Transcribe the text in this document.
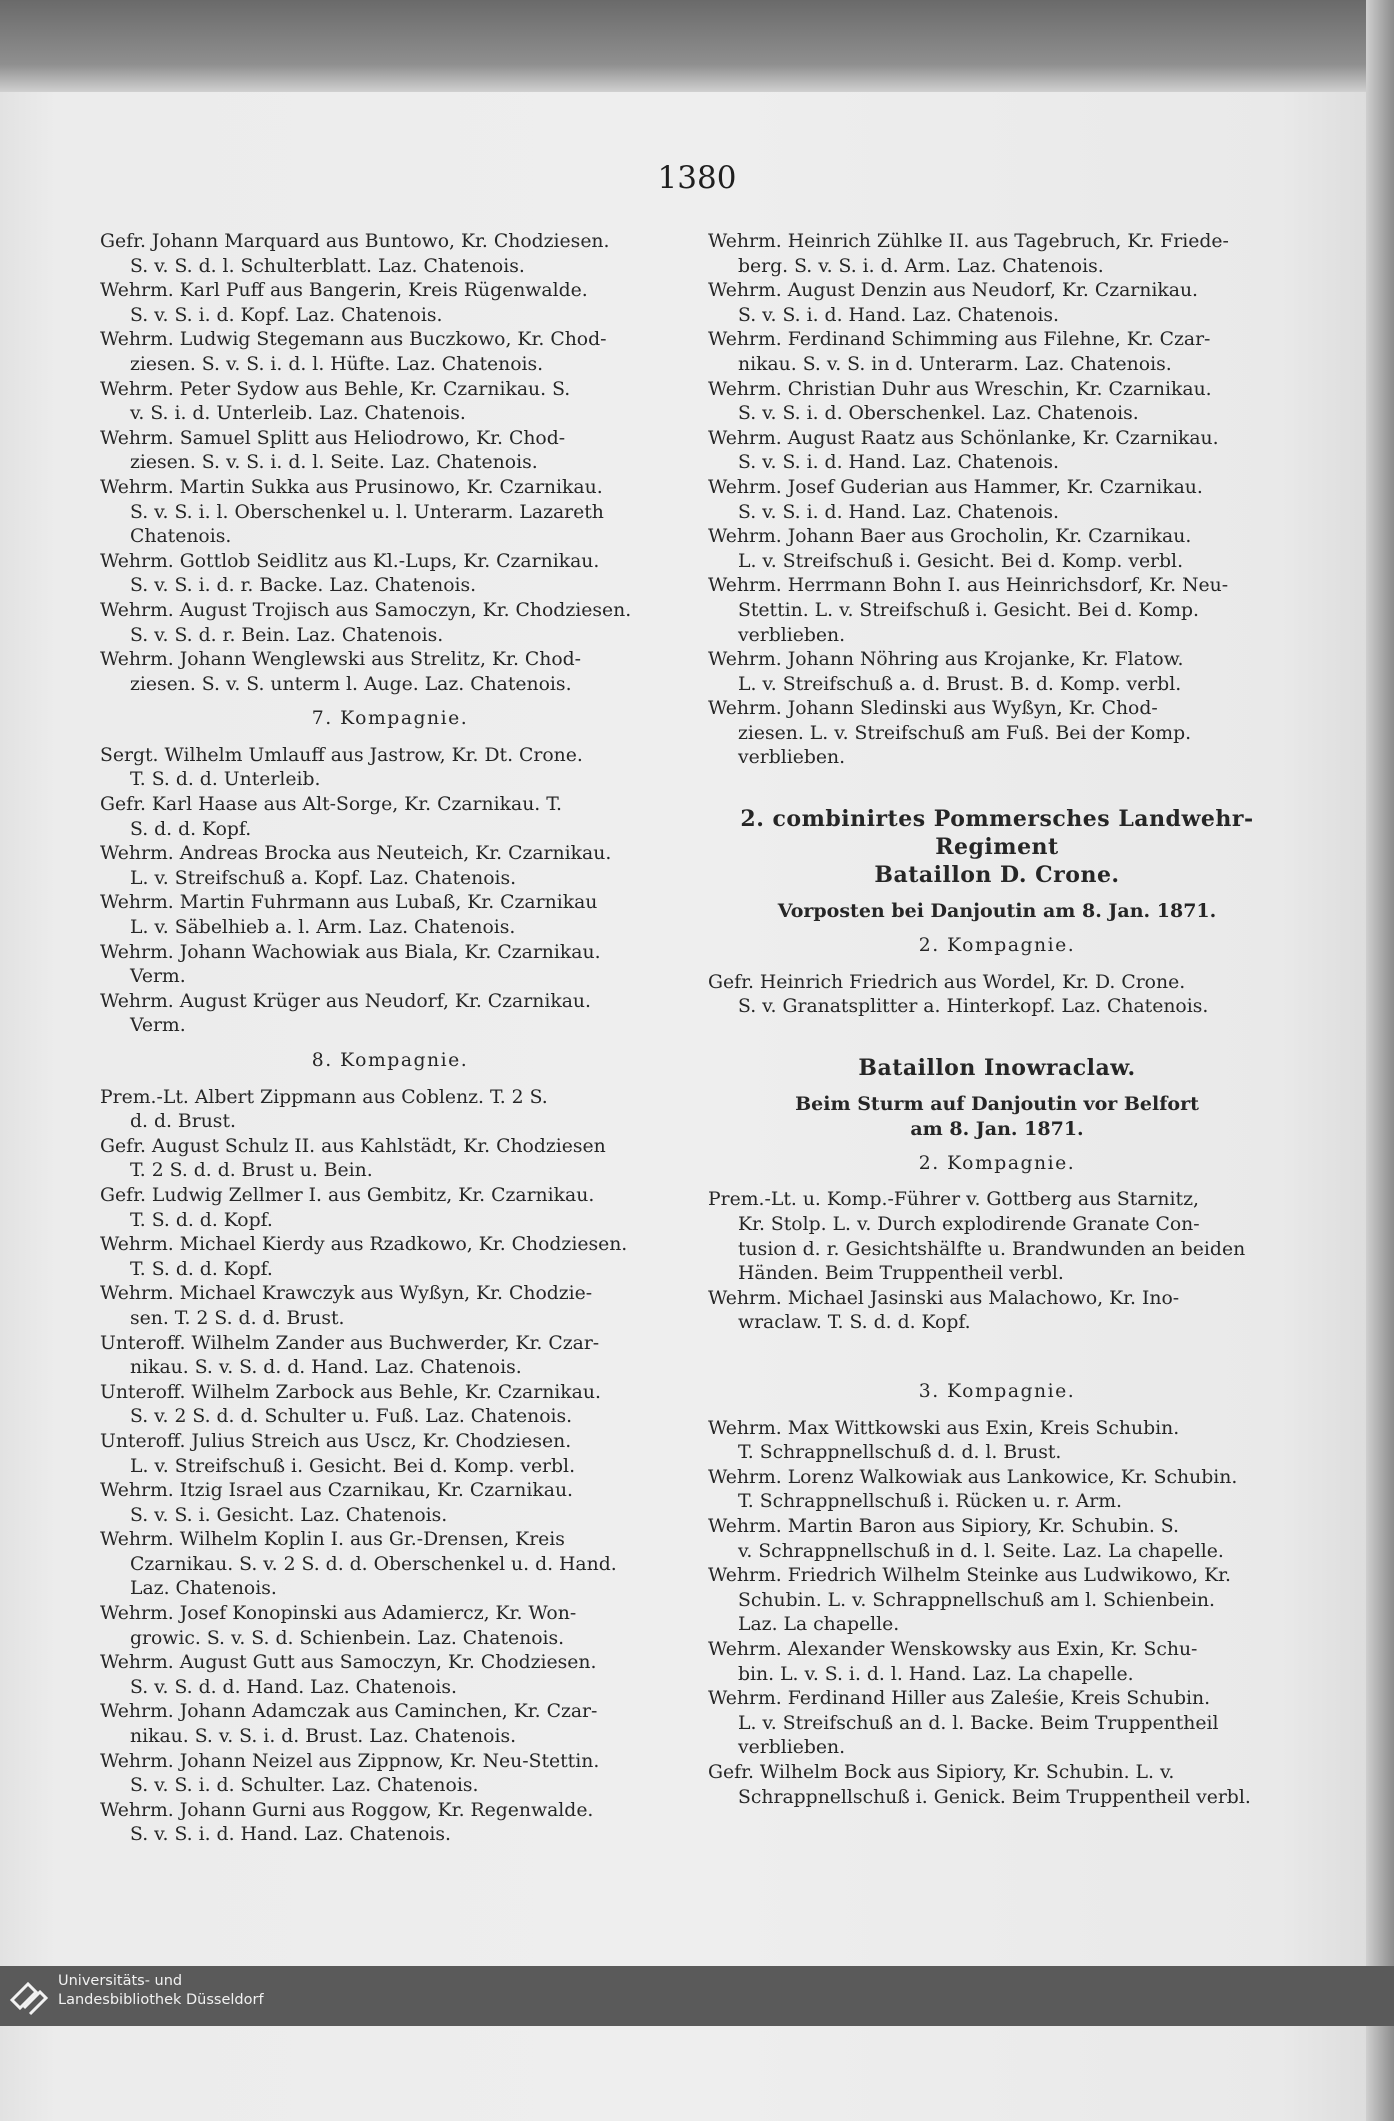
1380
Gefr. Johann Marquard aus Buntowo, Kr. Chodziesen.
S. v. S. d. l. Schulterblatt. Laz. Chatenois.
Wehrm. Karl Puff aus Bangerin, Kreis Rügenwalde.
S. v. S. i. d. Kopf. Laz. Chatenois.
Wehrm. Ludwig Stegemann aus Buczkowo, Kr. Chod-
ziesen. S. v. S. i. d. l. Hüfte. Laz. Chatenois.
Wehrm. Peter Sydow aus Behle, Kr. Czarnikau. S.
v. S. i. d. Unterleib. Laz. Chatenois.
Wehrm. Samuel Splitt aus Heliodrowo, Kr. Chod-
ziesen. S. v. S. i. d. l. Seite. Laz. Chatenois.
Wehrm. Martin Sukka aus Prusinowo, Kr. Czarnikau.
S. v. S. i. l. Oberschenkel u. l. Unterarm. Lazareth
Chatenois.
Wehrm. Gottlob Seidlitz aus Kl.-Lups, Kr. Czarnikau.
S. v. S. i. d. r. Backe. Laz. Chatenois.
Wehrm. August Trojisch aus Samoczyn, Kr. Chodziesen.
S. v. S. d. r. Bein. Laz. Chatenois.
Wehrm. Johann Wenglewski aus Strelitz, Kr. Chod-
ziesen. S. v. S. unterm l. Auge. Laz. Chatenois.
7. Kompagnie.
Sergt. Wilhelm Umlauff aus Jastrow, Kr. Dt. Crone.
T. S. d. d. Unterleib.
Gefr. Karl Haase aus Alt-Sorge, Kr. Czarnikau. T.
S. d. d. Kopf.
Wehrm. Andreas Brocka aus Neuteich, Kr. Czarnikau.
L. v. Streifschuß a. Kopf. Laz. Chatenois.
Wehrm. Martin Fuhrmann aus Lubaß, Kr. Czarnikau
L. v. Säbelhieb a. l. Arm. Laz. Chatenois.
Wehrm. Johann Wachowiak aus Biala, Kr. Czarnikau.
Verm.
Wehrm. August Krüger aus Neudorf, Kr. Czarnikau.
Verm.
8. Kompagnie.
Prem.-Lt. Albert Zippmann aus Coblenz. T. 2 S.
d. d. Brust.
Gefr. August Schulz II. aus Kahlstädt, Kr. Chodziesen
T. 2 S. d. d. Brust u. Bein.
Gefr. Ludwig Zellmer I. aus Gembitz, Kr. Czarnikau.
T. S. d. d. Kopf.
Wehrm. Michael Kierdy aus Rzadkowo, Kr. Chodziesen.
T. S. d. d. Kopf.
Wehrm. Michael Krawczyk aus Wyßyn, Kr. Chodzie-
sen. T. 2 S. d. d. Brust.
Unteroff. Wilhelm Zander aus Buchwerder, Kr. Czar-
nikau. S. v. S. d. d. Hand. Laz. Chatenois.
Unteroff. Wilhelm Zarbock aus Behle, Kr. Czarnikau.
S. v. 2 S. d. d. Schulter u. Fuß. Laz. Chatenois.
Unteroff. Julius Streich aus Uscz, Kr. Chodziesen.
L. v. Streifschuß i. Gesicht. Bei d. Komp. verbl.
Wehrm. Itzig Israel aus Czarnikau, Kr. Czarnikau.
S. v. S. i. Gesicht. Laz. Chatenois.
Wehrm. Wilhelm Koplin I. aus Gr.-Drensen, Kreis
Czarnikau. S. v. 2 S. d. d. Oberschenkel u. d. Hand.
Laz. Chatenois.
Wehrm. Josef Konopinski aus Adamiercz, Kr. Won-
growic. S. v. S. d. Schienbein. Laz. Chatenois.
Wehrm. August Gutt aus Samoczyn, Kr. Chodziesen.
S. v. S. d. d. Hand. Laz. Chatenois.
Wehrm. Johann Adamczak aus Caminchen, Kr. Czar-
nikau. S. v. S. i. d. Brust. Laz. Chatenois.
Wehrm. Johann Neizel aus Zippnow, Kr. Neu-Stettin.
S. v. S. i. d. Schulter. Laz. Chatenois.
Wehrm. Johann Gurni aus Roggow, Kr. Regenwalde.
S. v. S. i. d. Hand. Laz. Chatenois.
Wehrm. Heinrich Zühlke II. aus Tagebruch, Kr. Friede-
berg. S. v. S. i. d. Arm. Laz. Chatenois.
Wehrm. August Denzin aus Neudorf, Kr. Czarnikau.
S. v. S. i. d. Hand. Laz. Chatenois.
Wehrm. Ferdinand Schimming aus Filehne, Kr. Czar-
nikau. S. v. S. in d. Unterarm. Laz. Chatenois.
Wehrm. Christian Duhr aus Wreschin, Kr. Czarnikau.
S. v. S. i. d. Oberschenkel. Laz. Chatenois.
Wehrm. August Raatz aus Schönlanke, Kr. Czarnikau.
S. v. S. i. d. Hand. Laz. Chatenois.
Wehrm. Josef Guderian aus Hammer, Kr. Czarnikau.
S. v. S. i. d. Hand. Laz. Chatenois.
Wehrm. Johann Baer aus Grocholin, Kr. Czarnikau.
L. v. Streifschuß i. Gesicht. Bei d. Komp. verbl.
Wehrm. Herrmann Bohn I. aus Heinrichsdorf, Kr. Neu-
Stettin. L. v. Streifschuß i. Gesicht. Bei d. Komp.
verblieben.
Wehrm. Johann Nöhring aus Krojanke, Kr. Flatow.
L. v. Streifschuß a. d. Brust. B. d. Komp. verbl.
Wehrm. Johann Sledinski aus Wyßyn, Kr. Chod-
ziesen. L. v. Streifschuß am Fuß. Bei der Komp.
verblieben.
2. combinirtes Pommersches Landwehr-Regiment
Bataillon D. Crone.
Vorposten bei Danjoutin am 8. Jan. 1871.
2. Kompagnie.
Gefr. Heinrich Friedrich aus Wordel, Kr. D. Crone.
S. v. Granatsplitter a. Hinterkopf. Laz. Chatenois.
Bataillon Inowraclaw.
Beim Sturm auf Danjoutin vor Belfort
am 8. Jan. 1871.
2. Kompagnie.
Prem.-Lt. u. Komp.-Führer v. Gottberg aus Starnitz,
Kr. Stolp. L. v. Durch explodirende Granate Con-
tusion d. r. Gesichtshälfte u. Brandwunden an beiden
Händen. Beim Truppentheil verbl.
Wehrm. Michael Jasinski aus Malachowo, Kr. Ino-
wraclaw. T. S. d. d. Kopf.
3. Kompagnie.
Wehrm. Max Wittkowski aus Exin, Kreis Schubin.
T. Schrappnellschuß d. d. l. Brust.
Wehrm. Lorenz Walkowiak aus Lankowice, Kr. Schubin.
T. Schrappnellschuß i. Rücken u. r. Arm.
Wehrm. Martin Baron aus Sipiory, Kr. Schubin. S.
v. Schrappnellschuß in d. l. Seite. Laz. La chapelle.
Wehrm. Friedrich Wilhelm Steinke aus Ludwikowo, Kr.
Schubin. L. v. Schrappnellschuß am l. Schienbein.
Laz. La chapelle.
Wehrm. Alexander Wenskowsky aus Exin, Kr. Schu-
bin. L. v. S. i. d. l. Hand. Laz. La chapelle.
Wehrm. Ferdinand Hiller aus Zaleśie, Kreis Schubin.
L. v. Streifschuß an d. l. Backe. Beim Truppentheil
verblieben.
Gefr. Wilhelm Bock aus Sipiory, Kr. Schubin. L. v.
Schrappnellschuß i. Genick. Beim Truppentheil verbl.
Universitäts- und
Landesbibliothek Düsseldorf
